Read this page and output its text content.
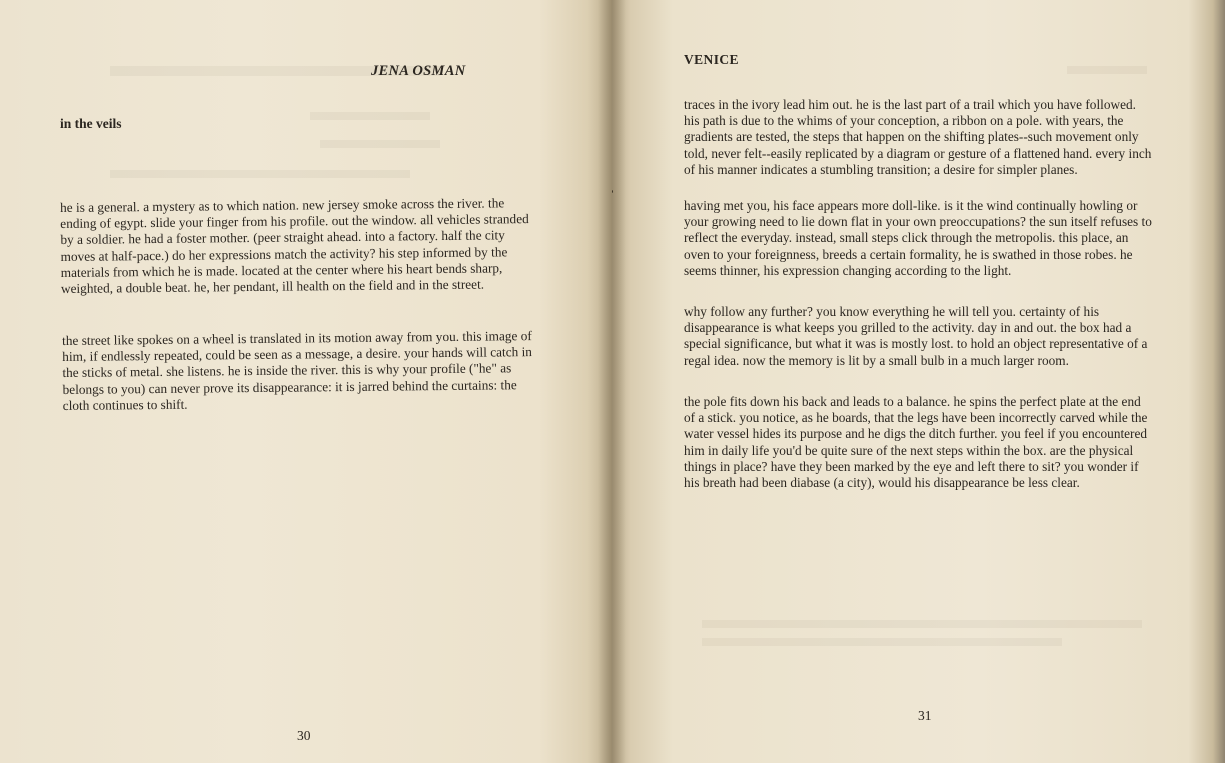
JENA OSMAN
in the veils

he is a general. a mystery as to which nation. new jersey smoke across the river. the ending of egypt. slide your finger from his profile. out the window. all vehicles stranded by a soldier. he had a foster mother. (peer straight ahead. into a factory. half the city moves at half-pace.) do her expressions match the activity? his step informed by the materials from which he is made. located at the center where his heart bends sharp, weighted, a double beat. he, her pendant, ill health on the field and in the street.

the street like spokes on a wheel is translated in its motion away from you. this image of him, if endlessly repeated, could be seen as a message, a desire. your hands will catch in the sticks of metal. she listens. he is inside the river. this is why your profile ("he" as belongs to you) can never prove its disappearance: it is jarred behind the curtains: the cloth continues to shift.

30
VENICE

traces in the ivory lead him out. he is the last part of a trail which you have followed. his path is due to the whims of your conception, a ribbon on a pole. with years, the gradients are tested, the steps that happen on the shifting plates--such movement only told, never felt--easily replicated by a diagram or gesture of a flattened hand. every inch of his manner indicates a stumbling transition; a desire for simpler planes.

having met you, his face appears more doll-like. is it the wind continually howling or your growing need to lie down flat in your own preoccupations? the sun itself refuses to reflect the everyday. instead, small steps click through the metropolis. this place, an oven to your foreignness, breeds a certain formality, he is swathed in those robes. he seems thinner, his expression changing according to the light.

why follow any further? you know everything he will tell you. certainty of his disappearance is what keeps you grilled to the activity. day in and out. the box had a special significance, but what it was is mostly lost. to hold an object representative of a regal idea. now the memory is lit by a small bulb in a much larger room.

the pole fits down his back and leads to a balance. he spins the perfect plate at the end of a stick. you notice, as he boards, that the legs have been incorrectly carved while the water vessel hides its purpose and he digs the ditch further. you feel if you encountered him in daily life you'd be quite sure of the next steps within the box. are the physical things in place? have they been marked by the eye and left there to sit? you wonder if his breath had been diabase (a city), would his disappearance be less clear.

31
